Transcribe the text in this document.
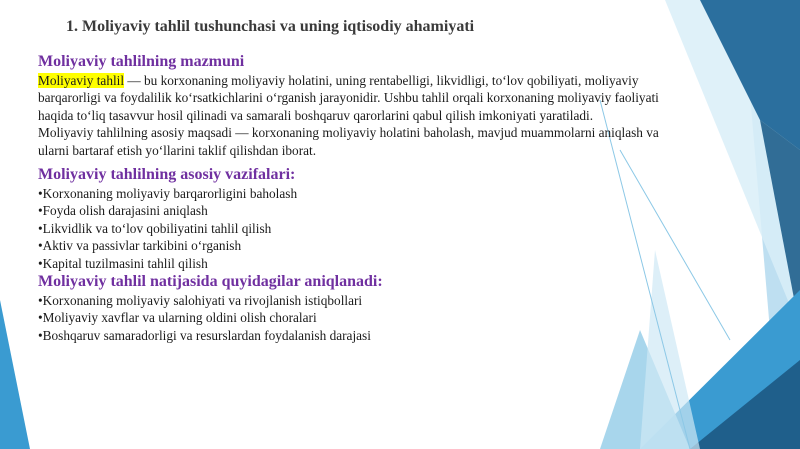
1. Moliyaviy tahlil tushunchasi va uning iqtisodiy ahamiyati

Moliyaviy tahlilning mazmuni

Moliyaviy tahlil — bu korxonaning moliyaviy holatini, uning rentabelligi, likvidligi, to‘lov qobiliyati, moliyaviy barqarorligi va foydalilik ko‘rsatkichlarini o‘rganish jarayonidir. Ushbu tahlil orqali korxonaning moliyaviy faoliyati haqida to‘liq tasavvur hosil qilinadi va samarali boshqaruv qarorlarini qabul qilish imkoniyati yaratiladi.

Moliyaviy tahlilning asosiy maqsadi — korxonaning moliyaviy holatini baholash, mavjud muammolarni aniqlash va ularni bartaraf etish yo‘llarini taklif qilishdan iborat.

Moliyaviy tahlilning asosiy vazifalari:

•Korxonaning moliyaviy barqarorligini baholash
•Foyda olish darajasini aniqlash
•Likvidlik va to‘lov qobiliyatini tahlil qilish
•Aktiv va passivlar tarkibini o‘rganish
•Kapital tuzilmasini tahlil qilish

Moliyaviy tahlil natijasida quyidagilar aniqlanadi:

•Korxonaning moliyaviy salohiyati va rivojlanish istiqbollari
•Moliyaviy xavflar va ularning oldini olish choralari
•Boshqaruv samaradorligi va resurslardan foydalanish darajasi
